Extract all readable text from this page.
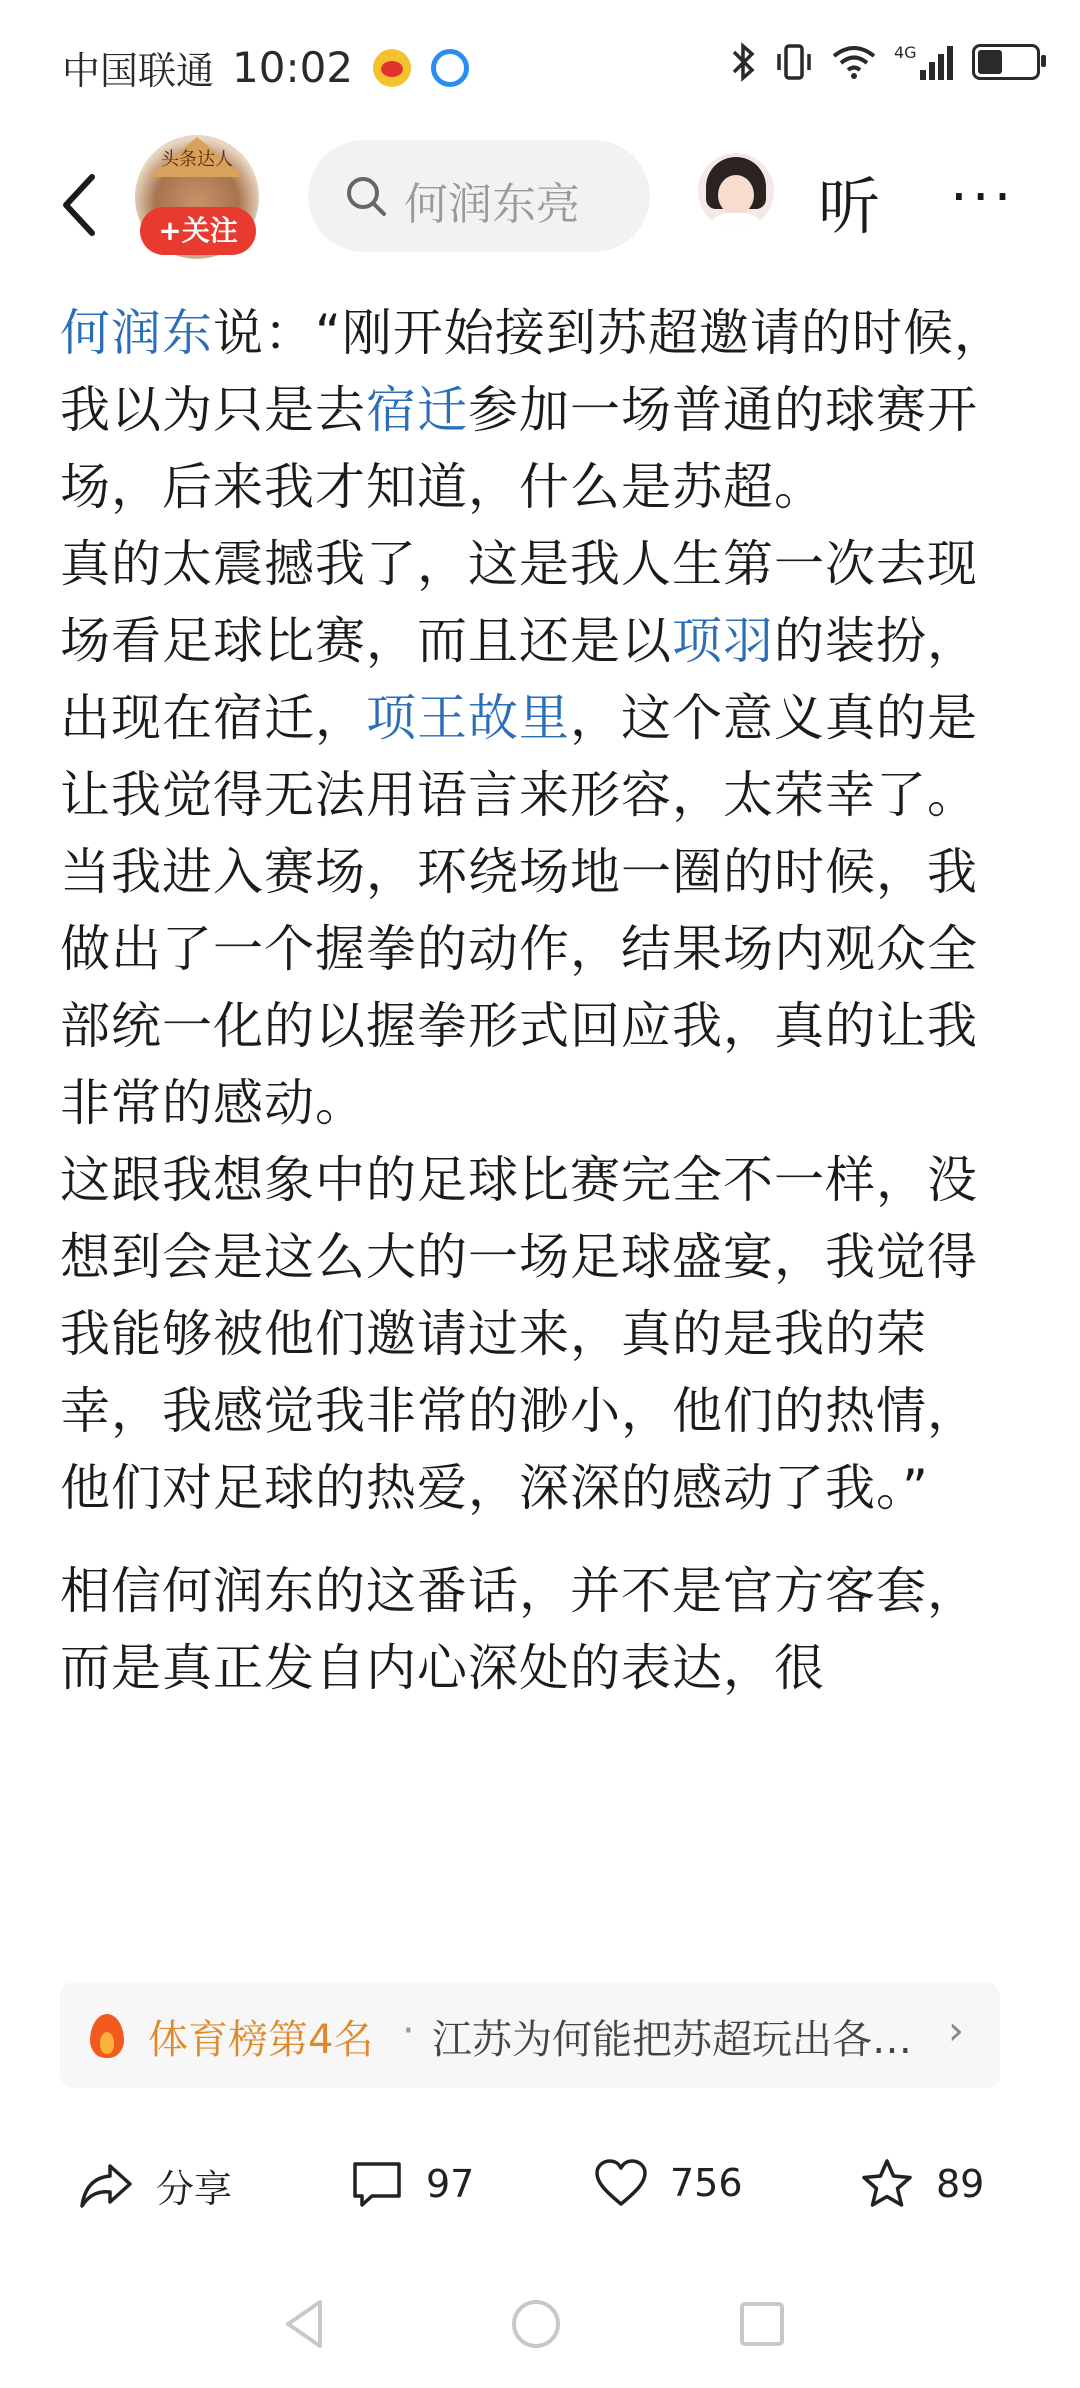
中国联通 10:02	4G
头条达人
+关注
何润东亮	听 ···

何润东说：“刚开始接到苏超邀请的时候，我以为只是去宿迁参加一场普通的球赛开场，后来我才知道，什么是苏超。

真的太震撼我了，这是我人生第一次去现场看足球比赛，而且还是以项羽的装扮，出现在宿迁，项王故里，这个意义真的是让我觉得无法用语言来形容，太荣幸了。

当我进入赛场，环绕场地一圈的时候，我做出了一个握拳的动作，结果场内观众全部统一化的以握拳形式回应我，真的让我非常的感动。

这跟我想象中的足球比赛完全不一样，没想到会是这么大的一场足球盛宴，我觉得我能够被他们邀请过来，真的是我的荣幸，我感觉我非常的渺小，他们的热情，他们对足球的热爱，深深的感动了我。”

相信何润东的这番话，并不是官方客套，而是真正发自内心深处的表达，很

体育榜第4名 · 江苏为何能把苏超玩出各… ›
分享	97	756	89
